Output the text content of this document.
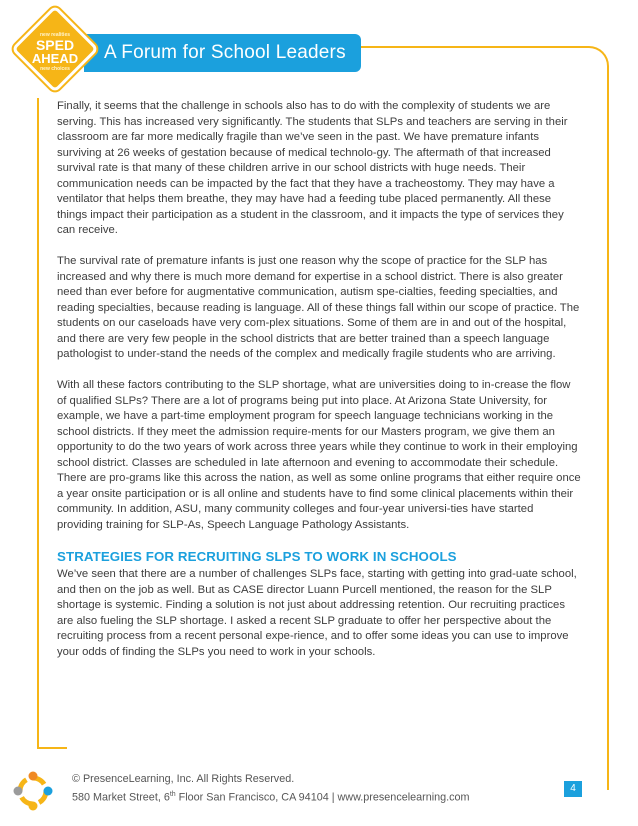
A Forum for School Leaders
new realities
SPED
AHEAD
new choices

Finally, it seems that the challenge in schools also has to do with the complexity of students we are serving. This has increased very significantly. The students that SLPs and teachers are serving in their classroom are far more medically fragile than we’ve seen in the past. We have premature infants surviving at 26 weeks of gestation because of medical technolo-gy. The aftermath of that increased survival rate is that many of these children arrive in our school districts with huge needs. Their communication needs can be impacted by the fact that they have a tracheostomy. They may have a ventilator that helps them breathe, they may have had a feeding tube placed permanently. All these things impact their participation as a student in the classroom, and it impacts the type of services they can receive.

The survival rate of premature infants is just one reason why the scope of practice for the SLP has increased and why there is much more demand for expertise in a school district. There is also greater need than ever before for augmentative communication, autism spe-cialties, feeding specialties, and reading specialties, because reading is language. All of these things fall within our scope of practice. The students on our caseloads have very com-plex situations. Some of them are in and out of the hospital, and there are very few people in the school districts that are better trained than a speech language pathologist to under-stand the needs of the complex and medically fragile students who are arriving.

With all these factors contributing to the SLP shortage, what are universities doing to in-crease the flow of qualified SLPs? There are a lot of programs being put into place. At Arizona State University, for example, we have a part-time employment program for speech language technicians working in the school districts. If they meet the admission require-ments for our Masters program, we give them an opportunity to do the two years of work across three years while they continue to work in their employing school district. Classes are scheduled in late afternoon and evening to accommodate their schedule. There are pro-grams like this across the nation, as well as some online programs that either require once a year onsite participation or is all online and students have to find some clinical placements within their community. In addition, ASU, many community colleges and four-year universi-ties have started providing training for SLP-As, Speech Language Pathology Assistants.

STRATEGIES FOR RECRUITING SLPS TO WORK IN SCHOOLS

We’ve seen that there are a number of challenges SLPs face, starting with getting into grad-uate school, and then on the job as well. But as CASE director Luann Purcell mentioned, the reason for the SLP shortage is systemic. Finding a solution is not just about addressing retention. Our recruiting practices are also fueling the SLP shortage. I asked a recent SLP graduate to offer her perspective about the recruiting process from a recent personal expe-rience, and to offer some ideas you can use to improve your odds of finding the SLPs you need to work in your schools.

© PresenceLearning, Inc. All Rights Reserved.
580 Market Street, 6th Floor San Francisco, CA 94104 | www.presencelearning.com
4
